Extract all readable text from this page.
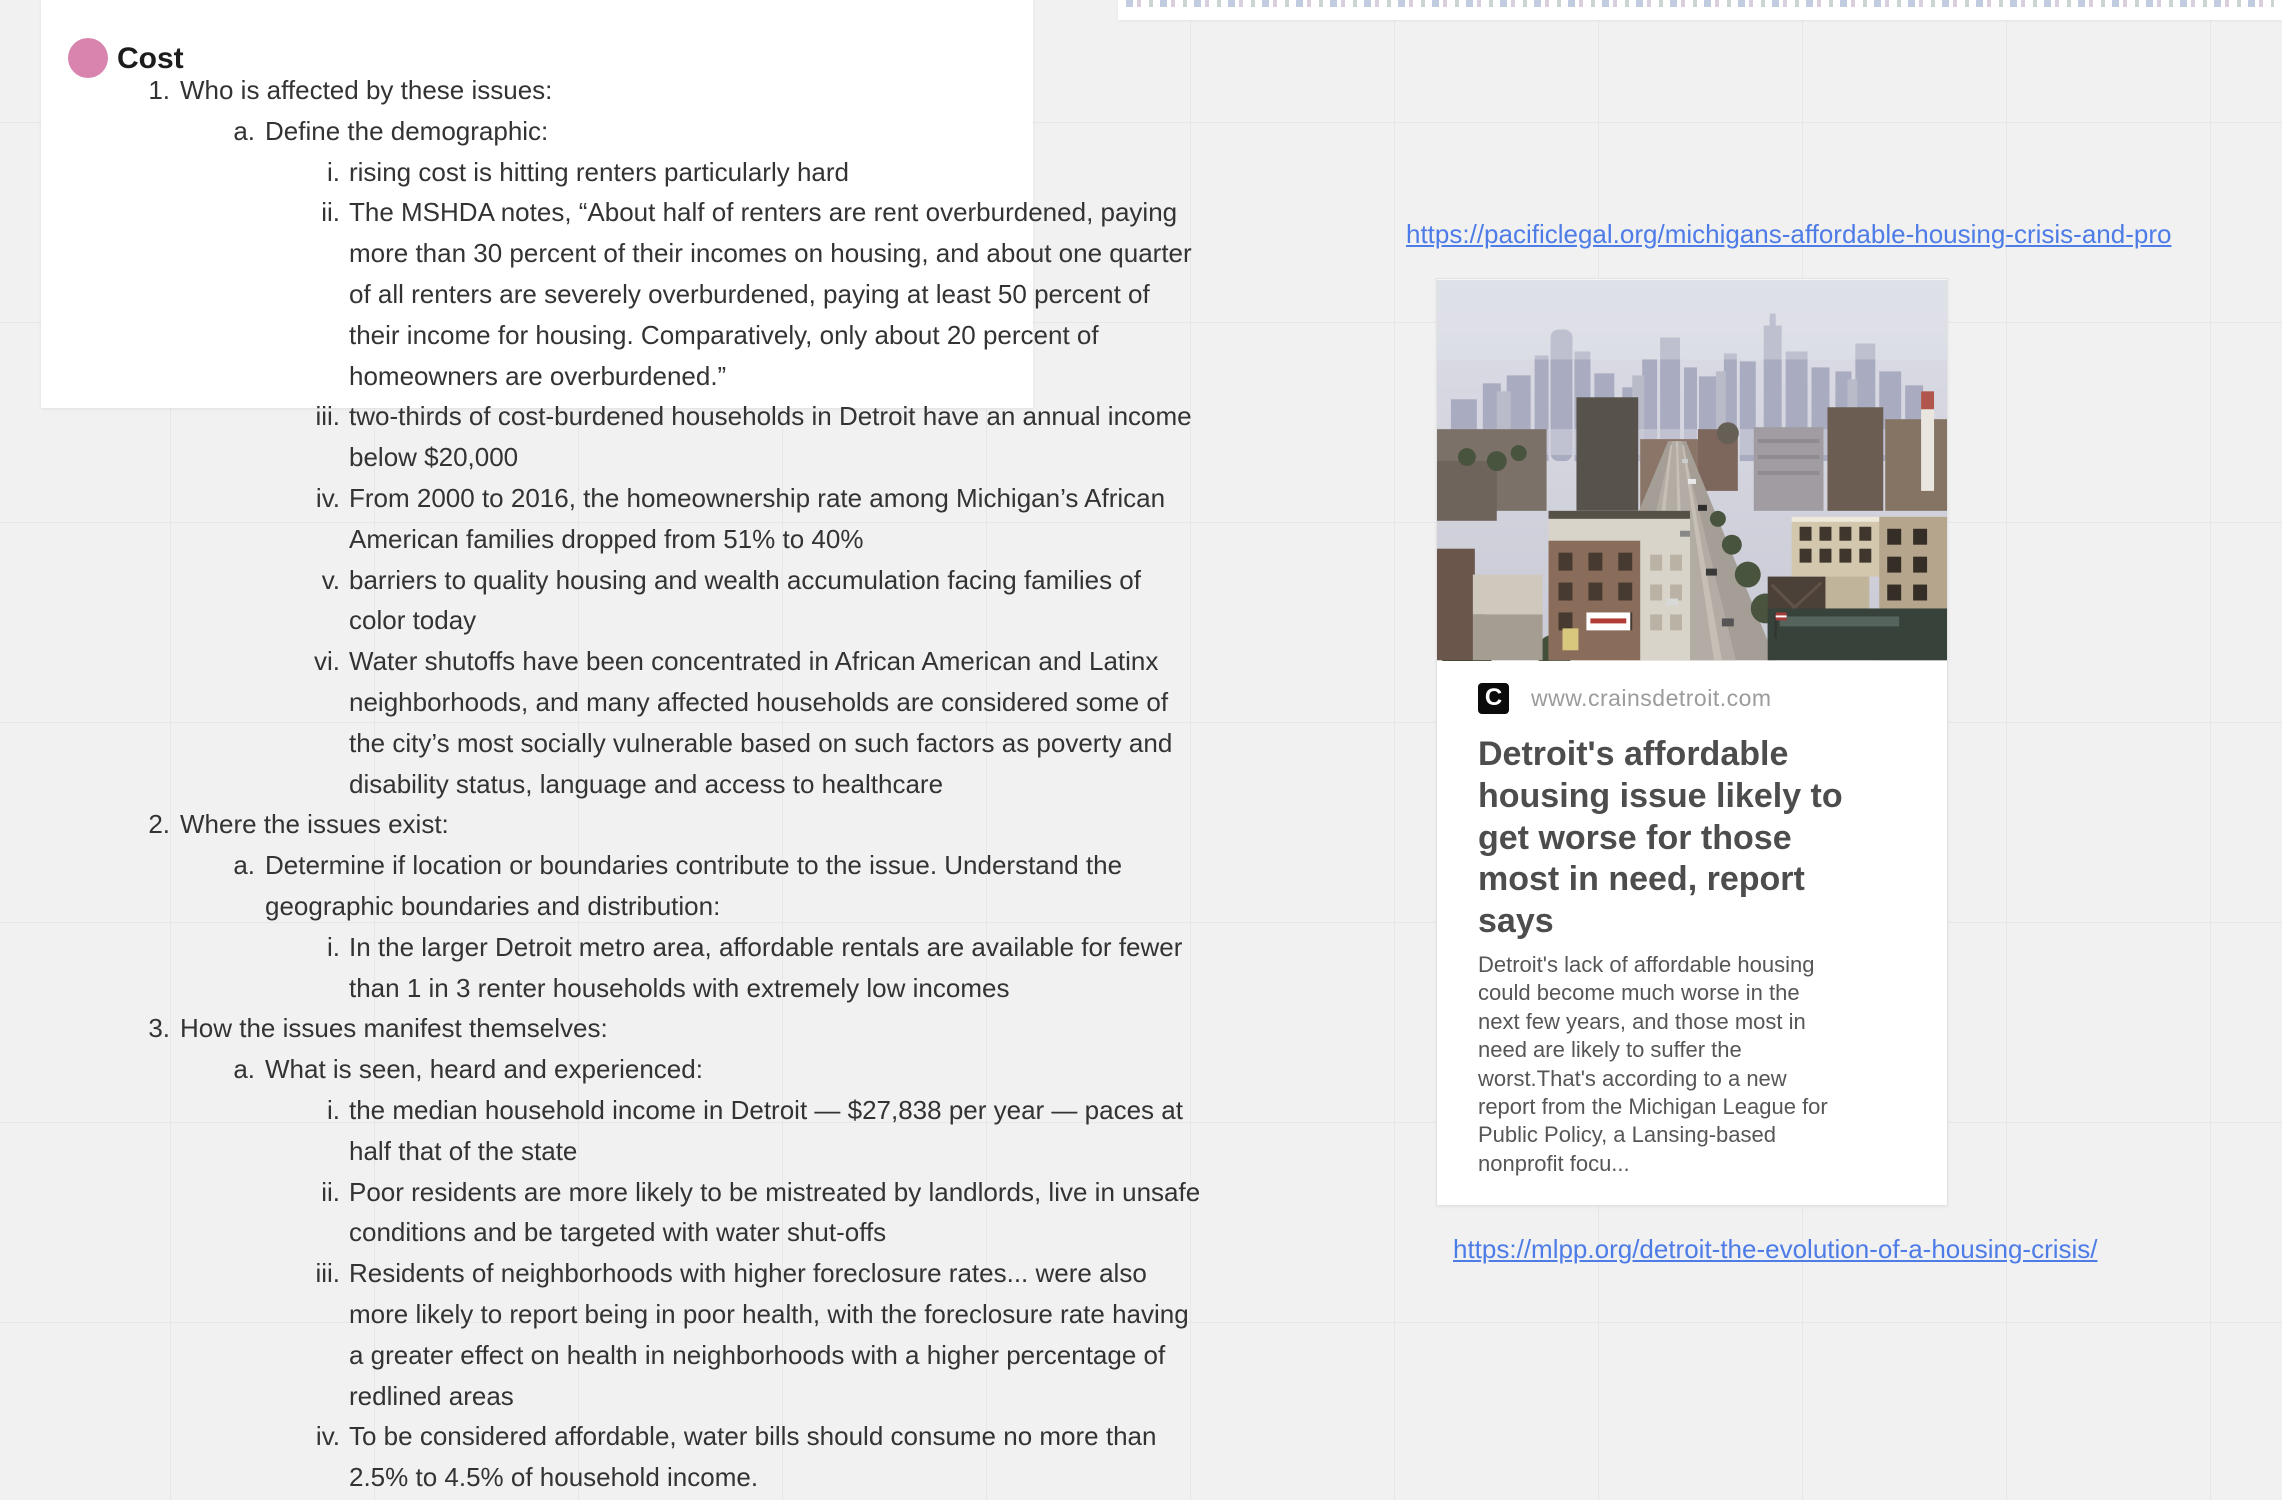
Cost
1. Who is affected by these issues:
a. Define the demographic:
i. rising cost is hitting renters particularly hard
ii. The MSHDA notes, “About half of renters are rent overburdened, paying
more than 30 percent of their incomes on housing, and about one quarter
of all renters are severely overburdened, paying at least 50 percent of
their income for housing. Comparatively, only about 20 percent of
homeowners are overburdened.”
iii. two-thirds of cost-burdened households in Detroit have an annual income
below $20,000
iv. From 2000 to 2016, the homeownership rate among Michigan’s African
American families dropped from 51% to 40%
v. barriers to quality housing and wealth accumulation facing families of
color today
vi. Water shutoffs have been concentrated in African American and Latinx
neighborhoods, and many affected households are considered some of
the city’s most socially vulnerable based on such factors as poverty and
disability status, language and access to healthcare
2. Where the issues exist:
a. Determine if location or boundaries contribute to the issue. Understand the
geographic boundaries and distribution:
i. In the larger Detroit metro area, affordable rentals are available for fewer
than 1 in 3 renter households with extremely low incomes
3. How the issues manifest themselves:
a. What is seen, heard and experienced:
i. the median household income in Detroit — $27,838 per year — paces at
half that of the state
ii. Poor residents are more likely to be mistreated by landlords, live in unsafe
conditions and be targeted with water shut-offs
iii. Residents of neighborhoods with higher foreclosure rates... were also
more likely to report being in poor health, with the foreclosure rate having
a greater effect on health in neighborhoods with a higher percentage of
redlined areas
iv. To be considered affordable, water bills should consume no more than
2.5% to 4.5% of household income.
https://pacificlegal.org/michigans-affordable-housing-crisis-and-pro
C www.crainsdetroit.com
Detroit's affordable
housing issue likely to
get worse for those
most in need, report
says
Detroit's lack of affordable housing
could become much worse in the
next few years, and those most in
need are likely to suffer the
worst.That's according to a new
report from the Michigan League for
Public Policy, a Lansing-based
nonprofit focu...
https://mlpp.org/detroit-the-evolution-of-a-housing-crisis/
